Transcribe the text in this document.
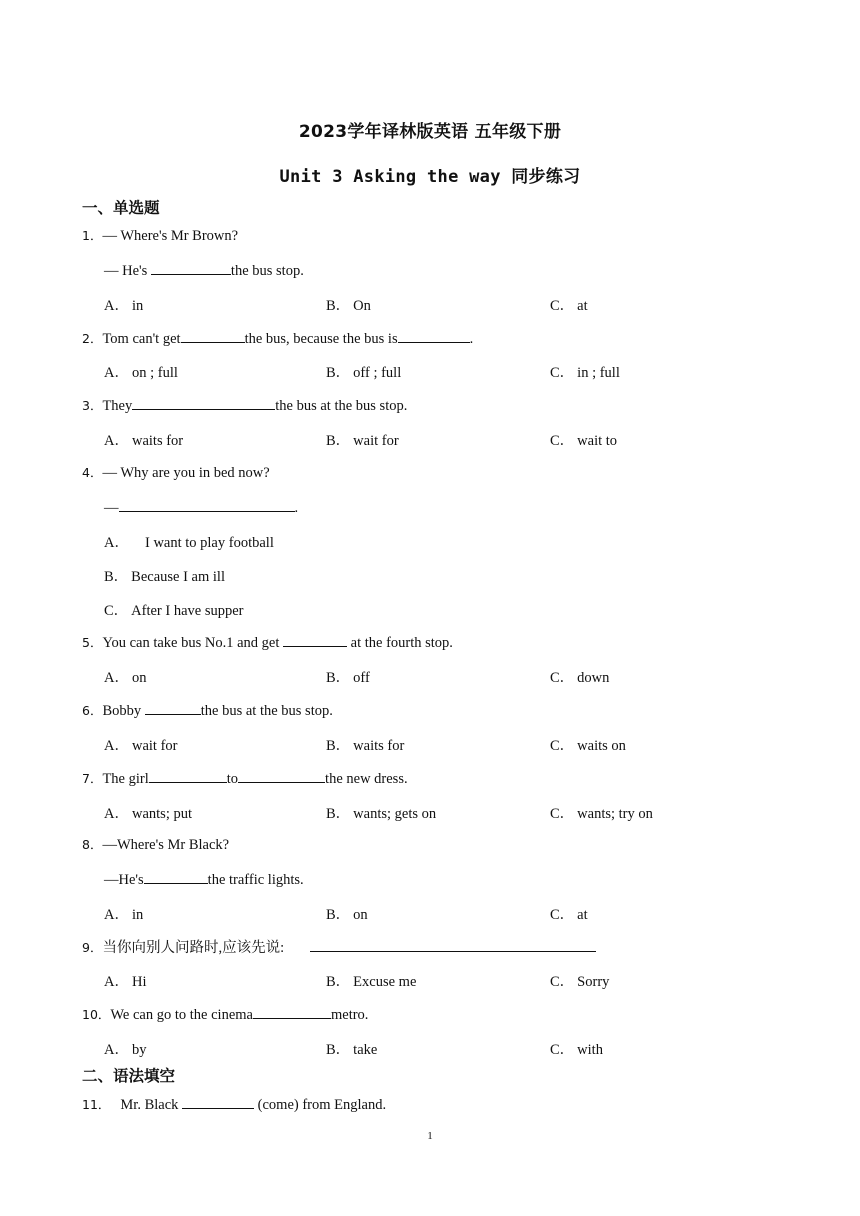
2023学年译林版英语 五年级下册
Unit 3 Asking the way 同步练习
一、单选题
1．— Where's Mr Brown?
— He's	the bus stop.
A． in	B． On	C． at
2．Tom can't get	the bus, because the bus is	.
A． on ; full	B． off ; full	C． in ; full
3．They	the bus at the bus stop.
A． waits for	B． wait for	C． wait to
4．— Why are you in bed now?
—	.
A． I want to play football
B． Because I am ill
C． After I have supper
5．You can take bus No.1 and get	at the fourth stop.
A． on	B． off	C． down
6．Bobby	the bus at the bus stop.
A． wait for	B． waits for	C． waits on
7．The girl	to	the new dress.
A． wants; put	B． wants; gets on	C． wants; try on
8．—Where's Mr Black?
—He's	the traffic lights.
A． in	B． on	C． at
9．当你向别人问路时,应该先说:
A． Hi	B． Excuse me	C． Sorry
10．We can go to the cinema	metro.
A． by	B． take	C． with
二、语法填空
11． Mr. Black	(come) from England.
1
